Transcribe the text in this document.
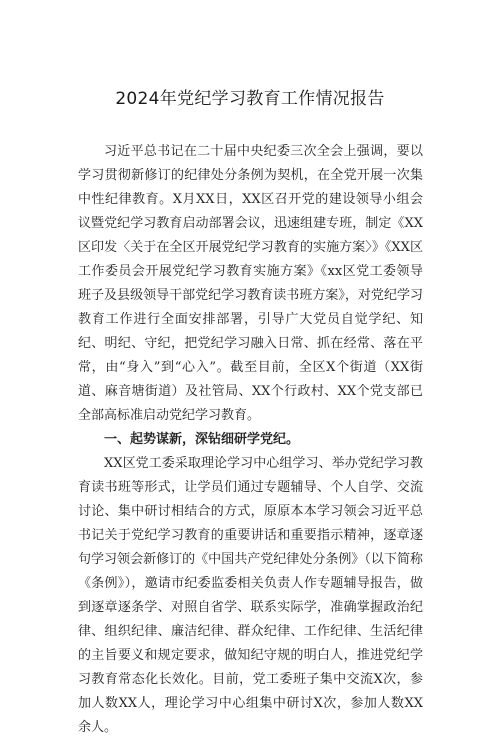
2024年党纪学习教育工作情况报告

习近平总书记在二十届中央纪委三次全会上强调，要以学习贯彻新修订的纪律处分条例为契机，在全党开展一次集中性纪律教育。X月XX日，XX区召开党的建设领导小组会议暨党纪学习教育启动部署会议，迅速组建专班，制定《XX区印发〈关于在全区开展党纪学习教育的实施方案〉》《XX区工作委员会开展党纪学习教育实施方案》《xx区党工委领导班子及县级领导干部党纪学习教育读书班方案》，对党纪学习教育工作进行全面安排部署，引导广大党员自觉学纪、知纪、明纪、守纪，把党纪学习融入日常、抓在经常、落在平常，由“身入”到“心入”。截至目前，全区X个街道（XX街道、麻音塘街道）及社管局、XX个行政村、XX个党支部已全部高标准启动党纪学习教育。

一、起势谋新，深钻细研学党纪。

XX区党工委采取理论学习中心组学习、举办党纪学习教育读书班等形式，让学员们通过专题辅导、个人自学、交流讨论、集中研讨相结合的方式，原原本本学习领会习近平总书记关于党纪学习教育的重要讲话和重要指示精神，逐章逐句学习领会新修订的《中国共产党纪律处分条例》（以下简称《条例》），邀请市纪委监委相关负责人作专题辅导报告，做到逐章逐条学、对照自省学、联系实际学，准确掌握政治纪律、组织纪律、廉洁纪律、群众纪律、工作纪律、生活纪律的主旨要义和规定要求，做知纪守规的明白人，推进党纪学习教育常态化长效化。目前，党工委班子集中交流X次，参加人数XX人，理论学习中心组集中研讨X次，参加人数XX余人。
